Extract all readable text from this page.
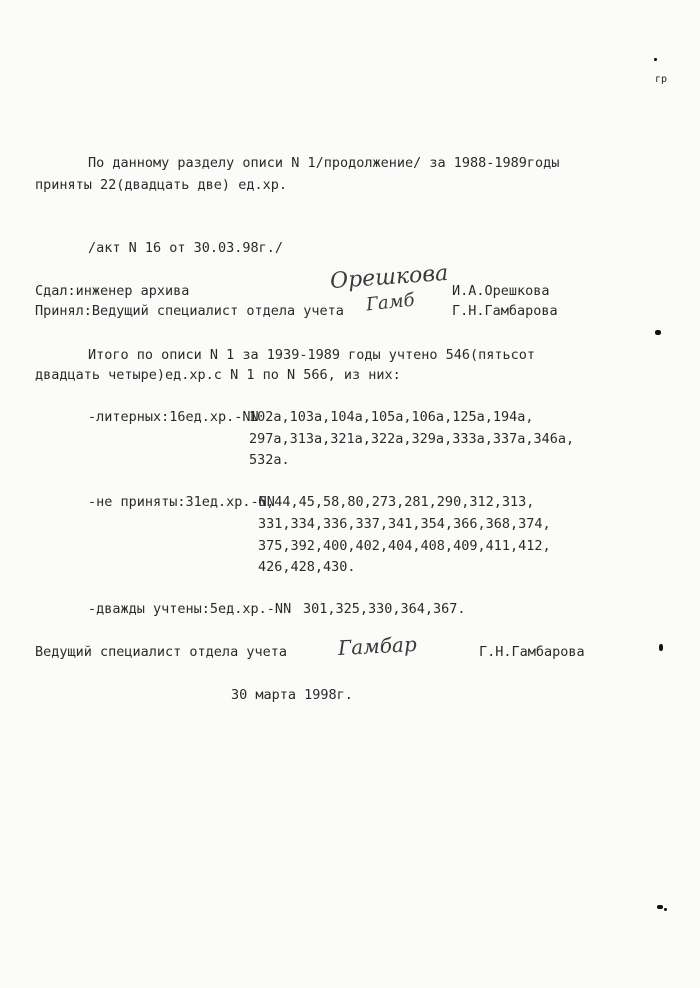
гр
По данному разделу описи N 1/продолжение/ за 1988-1989годы
приняты 22(двадцать две) ед.хр.
/акт N 16 от 30.03.98г./
Сдал:инженер архива	Орешкова И.А.Орешкова
Принял:Ведущий специалист отдела учета Гамб	Г.Н.Гамбарова
Итого по описи N 1 за 1939-1989 годы учтено 546(пятьсот
двадцать четыре)ед.хр.с N 1 по N 566, из них:
-литерных:16ед.хр.-NN
102а,103а,104а,105а,106а,125а,194а,
297а,313а,321а,322а,329а,333а,337а,346а,
532а.
-не приняты:31ед.хр.-NN
6,44,45,58,80,273,281,290,312,313,
331,334,336,337,341,354,366,368,374,
375,392,400,402,404,408,409,411,412,
426,428,430.
-дважды учтены:5ед.хр.-NN 301,325,330,364,367.
Ведущий специалист отдела учета	Гамбар	Г.Н.Гамбарова
30 марта 1998г.
